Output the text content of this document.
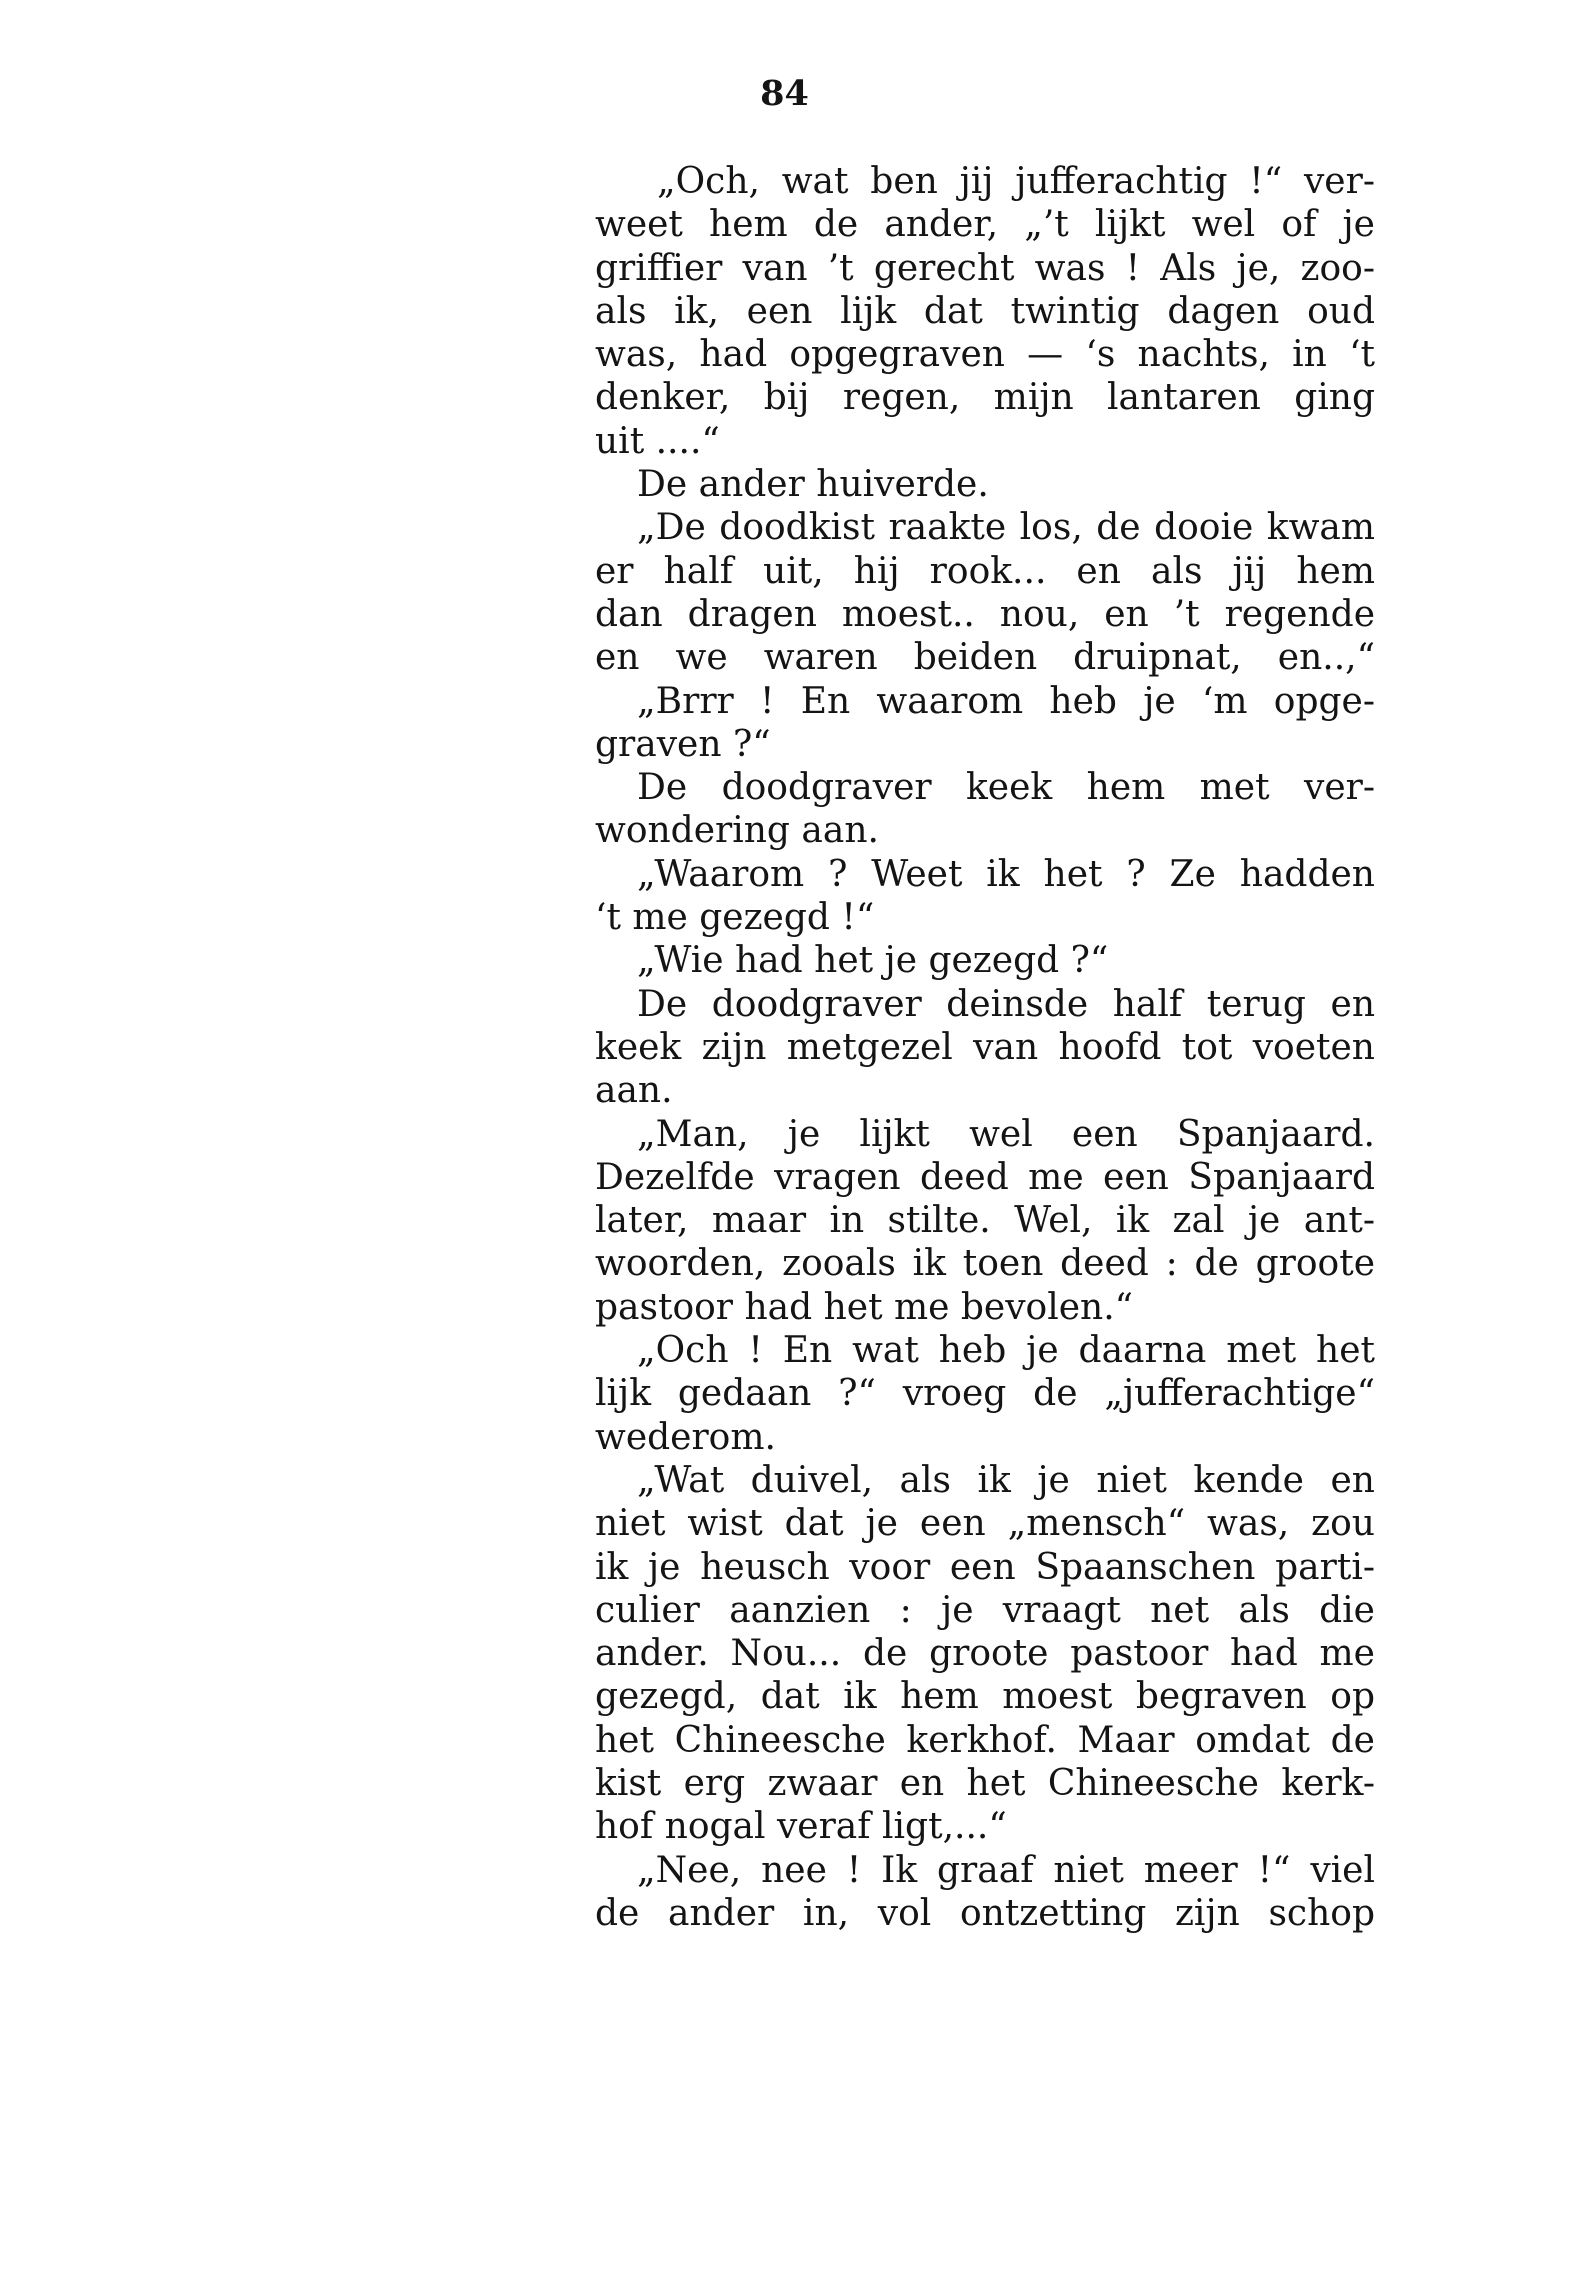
84
„Och, wat ben jij jufferachtig !“ ver-
weet hem de ander, „’t lijkt wel of je
griffier van ’t gerecht was ! Als je, zoo-
als ik, een lijk dat twintig dagen oud
was, had opgegraven — ‘s nachts, in ‘t
denker, bij regen, mijn lantaren ging
uit ....“
De ander huiverde.
„De doodkist raakte los, de dooie kwam
er half uit, hij rook... en als jij hem
dan dragen moest.. nou, en ’t regende
en we waren beiden druipnat, en..,“
„Brrr ! En waarom heb je ‘m opge-
graven ?“
De doodgraver keek hem met ver-
wondering aan.
„Waarom ? Weet ik het ? Ze hadden
‘t me gezegd !“
„Wie had het je gezegd ?“
De doodgraver deinsde half terug en
keek zijn metgezel van hoofd tot voeten
aan.
„Man, je lijkt wel een Spanjaard.
Dezelfde vragen deed me een Spanjaard
later, maar in stilte. Wel, ik zal je ant-
woorden, zooals ik toen deed : de groote
pastoor had het me bevolen.“
„Och ! En wat heb je daarna met het
lijk gedaan ?“ vroeg de „jufferachtige“
wederom.
„Wat duivel, als ik je niet kende en
niet wist dat je een „mensch“ was, zou
ik je heusch voor een Spaanschen parti-
culier aanzien : je vraagt net als die
ander. Nou... de groote pastoor had me
gezegd, dat ik hem moest begraven op
het Chineesche kerkhof. Maar omdat de
kist erg zwaar en het Chineesche kerk-
hof nogal veraf ligt,...“
„Nee, nee ! Ik graaf niet meer !“ viel
de ander in, vol ontzetting zijn schop
